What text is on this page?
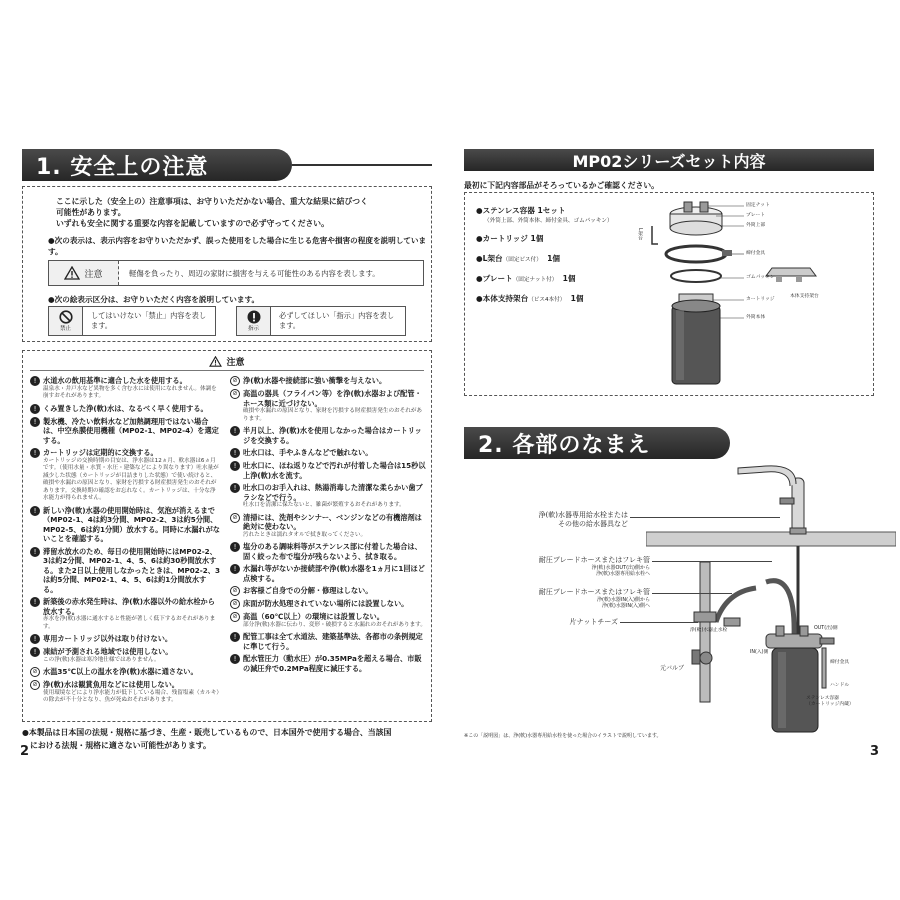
1. 安全上の注意
ここに示した（安全上の）注意事項は、お守りいただかない場合、重大な結果に結びつく
可能性があります。
いずれも安全に関する重要な内容を記載していますので必ず守ってください。
●次の表示は、表示内容をお守りいただかず、誤った使用をした場合に生じる危害や損害の程度を説明しています。
注意	軽傷を負ったり、周辺の家財に損害を与える可能性のある内容を表します。
●次の絵表示区分は、お守りいただく内容を説明しています。
禁止
してはいけない「禁止」内容を表します。	指示
必ずしてほしい「指示」内容を表します。
注意
! 水道水の飲用基準に適合した水を使用する。
温泉水・井戸水など異物を多く含む水には使用になれません。体調を崩すおそれがあります。
! くみ置きした浄(軟)水は、なるべく早く使用する。
! 製氷機、冷たい飲料水など加熱調理用ではない場合は、中空糸膜使用機種（MP02-1、MP02-4）を選定する。
! カートリッジは定期的に交換する。
カートリッジの交換時期の目安は、浄水器は12ヵ月、軟水器は6ヵ月です。（使用水量・水質・水圧・建築などにより異なります）吐水量が減少した状態（カートリッジが目詰まりした状態）で使い続けると、破損や水漏れの原因となり、家財を汚損する財産損害発生のおそれがあります。交換時期の確認をお忘れなく。カートリッジは、十分な浄水能力が得られません。
! 新しい浄(軟)水器の使用開始時は、気泡が消えるまで（MP02-1、4は約3分間、MP02-2、3は約5分間、MP02-5、6は約1分間）放水する。同時に水漏れがないことを確認する。
! 滞留水放水のため、毎日の使用開始時にはMP02-2、3は約2分間、MP02-1、4、5、6は約30秒間放水する。また2日以上使用しなかったときは、MP02-2、3は約5分間、MP02-1、4、5、6は約1分間放水する。
! 新築後の赤水発生時は、浄(軟)水器以外の給水栓から放水する。
赤水を浄(軟)水器に通水すると性能が著しく低下するおそれがあります。
! 専用カートリッジ以外は取り付けない。
! 凍結が予測される地域では使用しない。
この浄(軟)水器は寒冷地仕様ではありません。
⊘ 水温35℃以上の温水を浄(軟)水器に通さない。
⊘ 浄(軟)水は観賞魚用などには使用しない。
使用環境などにより浄水能力が低下している場合、残留塩素（カルキ）の除去が不十分となり、魚が死ぬおそれがあります。
⊘ 浄(軟)水器や接続部に強い衝撃を与えない。
⊘ 高温の器具（フライパン等）を浄(軟)水器および配管・ホース類に近づけない。
破損や水漏れの原因となり、家財を汚損する財産損害発生のおそれがあります。
! 半月以上、浄(軟)水を使用しなかった場合はカートリッジを交換する。
! 吐水口は、手やふきんなどで触れない。
! 吐水口に、ほね返りなどで汚れが付着した場合は15秒以上浄(軟)水を流す。
! 吐水口のお手入れは、熱湯消毒した清潔な柔らかい歯ブラシなどで行う。
吐水口を清潔に保たないと、雑菌が繁殖するおそれがあります。
⊘ 清掃には、洗剤やシンナー、ベンジンなどの有機溶剤は絶対に使わない。
汚れたときは濡れタオルで拭き取ってください。
! 塩分のある調味料等がステンレス部に付着した場合は、固く絞った布で塩分が残らないよう、拭き取る。
! 水漏れ等がないか接続部や浄(軟)水器を1ヵ月に1回ほど点検する。
⊘ お客様ご自身での分解・修理はしない。
⊘ 床面が防水処理されていない場所には設置しない。
⊘ 高温（60℃以上）の環境には設置しない。
部分浄(軟)水器に伝わり、変形・破損すると水漏れのおそれがあります。
! 配管工事は全て水道法、建築基準法、各都市の条例規定に準じて行う。
! 配水管圧力（動水圧）が0.35MPaを超える場合、市販の減圧弁で0.2MPa程度に減圧する。
●本製品は日本国の法規・規格に基づき、生産・販売しているもので、日本国外で使用する場合、当該国
における法規・規格に適さない可能性があります。
2
MP02シリーズセット内容
最初に下記内容部品がそろっているかご確認ください。
●ステンレス容器 1セット
（外筒上部、外筒本体、締付金具、ゴムパッキン）
●カートリッジ 1個
●L架台（固定ビス付） 1個
●プレート（固定ナット付） 1個
●本体支持架台（ビス4本付） 1個
固定ナット
プレート
外筒上部
締付金具
ゴムパッキン
カートリッジ
外筒本体
本体支持架台
L架台
2. 各部のなまえ
浄(軟)水器専用給水栓または
その他の給水器具など
耐圧ブレードホースまたはフレキ管
浄(軟)水器OUT(出)側から
浄(軟)水器専用給水栓へ
耐圧ブレードホースまたはフレキ管
浄(軟)水器IN(入)側から
浄(軟)水器IN(入)側へ
片ナットチーズ
浄(軟)水器止水栓	OUT(出)側
IN(入)側
締付金具
元バルブ
ハンドル
ステンレス容器
（カートリッジ内蔵）
※この「説明図」は、浄(軟)水器専用給水栓を使った場合のイラストで説明しています。
3
